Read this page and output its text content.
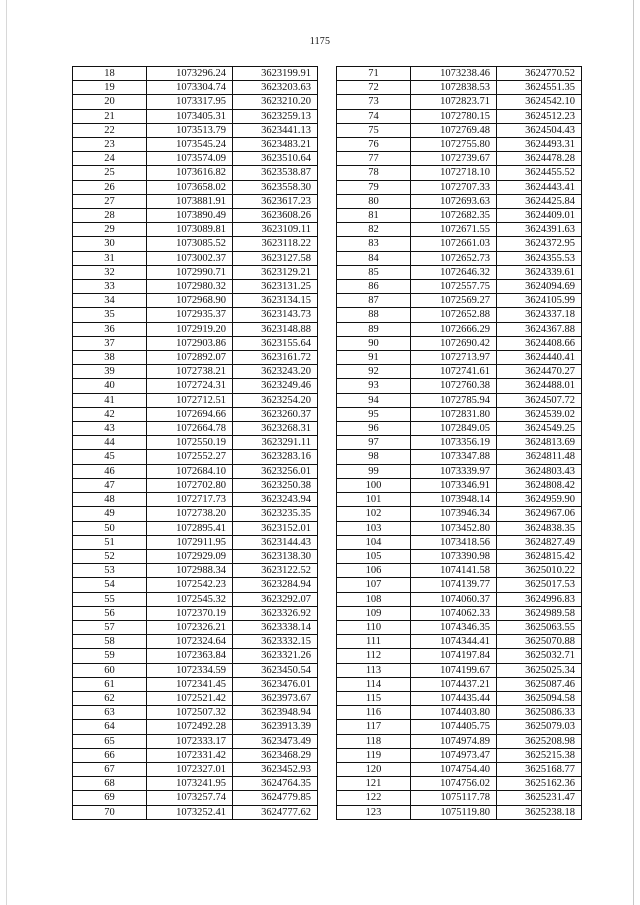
1175
18	1073296.24	3623199.91
19	1073304.74	3623203.63
20	1073317.95	3623210.20
21	1073405.31	3623259.13
22	1073513.79	3623441.13
23	1073545.24	3623483.21
24	1073574.09	3623510.64
25	1073616.82	3623538.87
26	1073658.02	3623558.30
27	1073881.91	3623617.23
28	1073890.49	3623608.26
29	1073089.81	3623109.11
30	1073085.52	3623118.22
31	1073002.37	3623127.58
32	1072990.71	3623129.21
33	1072980.32	3623131.25
34	1072968.90	3623134.15
35	1072935.37	3623143.73
36	1072919.20	3623148.88
37	1072903.86	3623155.64
38	1072892.07	3623161.72
39	1072738.21	3623243.20
40	1072724.31	3623249.46
41	1072712.51	3623254.20
42	1072694.66	3623260.37
43	1072664.78	3623268.31
44	1072550.19	3623291.11
45	1072552.27	3623283.16
46	1072684.10	3623256.01
47	1072702.80	3623250.38
48	1072717.73	3623243.94
49	1072738.20	3623235.35
50	1072895.41	3623152.01
51	1072911.95	3623144.43
52	1072929.09	3623138.30
53	1072988.34	3623122.52
54	1072542.23	3623284.94
55	1072545.32	3623292.07
56	1072370.19	3623326.92
57	1072326.21	3623338.14
58	1072324.64	3623332.15
59	1072363.84	3623321.26
60	1072334.59	3623450.54
61	1072341.45	3623476.01
62	1072521.42	3623973.67
63	1072507.32	3623948.94
64	1072492.28	3623913.39
65	1072333.17	3623473.49
66	1072331.42	3623468.29
67	1072327.01	3623452.93
68	1073241.95	3624764.35
69	1073257.74	3624779.85
70	1073252.41	3624777.62
71	1073238.46	3624770.52
72	1072838.53	3624551.35
73	1072823.71	3624542.10
74	1072780.15	3624512.23
75	1072769.48	3624504.43
76	1072755.80	3624493.31
77	1072739.67	3624478.28
78	1072718.10	3624455.52
79	1072707.33	3624443.41
80	1072693.63	3624425.84
81	1072682.35	3624409.01
82	1072671.55	3624391.63
83	1072661.03	3624372.95
84	1072652.73	3624355.53
85	1072646.32	3624339.61
86	1072557.75	3624094.69
87	1072569.27	3624105.99
88	1072652.88	3624337.18
89	1072666.29	3624367.88
90	1072690.42	3624408.66
91	1072713.97	3624440.41
92	1072741.61	3624470.27
93	1072760.38	3624488.01
94	1072785.94	3624507.72
95	1072831.80	3624539.02
96	1072849.05	3624549.25
97	1073356.19	3624813.69
98	1073347.88	3624811.48
99	1073339.97	3624803.43
100	1073346.91	3624808.42
101	1073948.14	3624959.90
102	1073946.34	3624967.06
103	1073452.80	3624838.35
104	1073418.56	3624827.49
105	1073390.98	3624815.42
106	1074141.58	3625010.22
107	1074139.77	3625017.53
108	1074060.37	3624996.83
109	1074062.33	3624989.58
110	1074346.35	3625063.55
111	1074344.41	3625070.88
112	1074197.84	3625032.71
113	1074199.67	3625025.34
114	1074437.21	3625087.46
115	1074435.44	3625094.58
116	1074403.80	3625086.33
117	1074405.75	3625079.03
118	1074974.89	3625208.98
119	1074973.47	3625215.38
120	1074754.40	3625168.77
121	1074756.02	3625162.36
122	1075117.78	3625231.47
123	1075119.80	3625238.18
